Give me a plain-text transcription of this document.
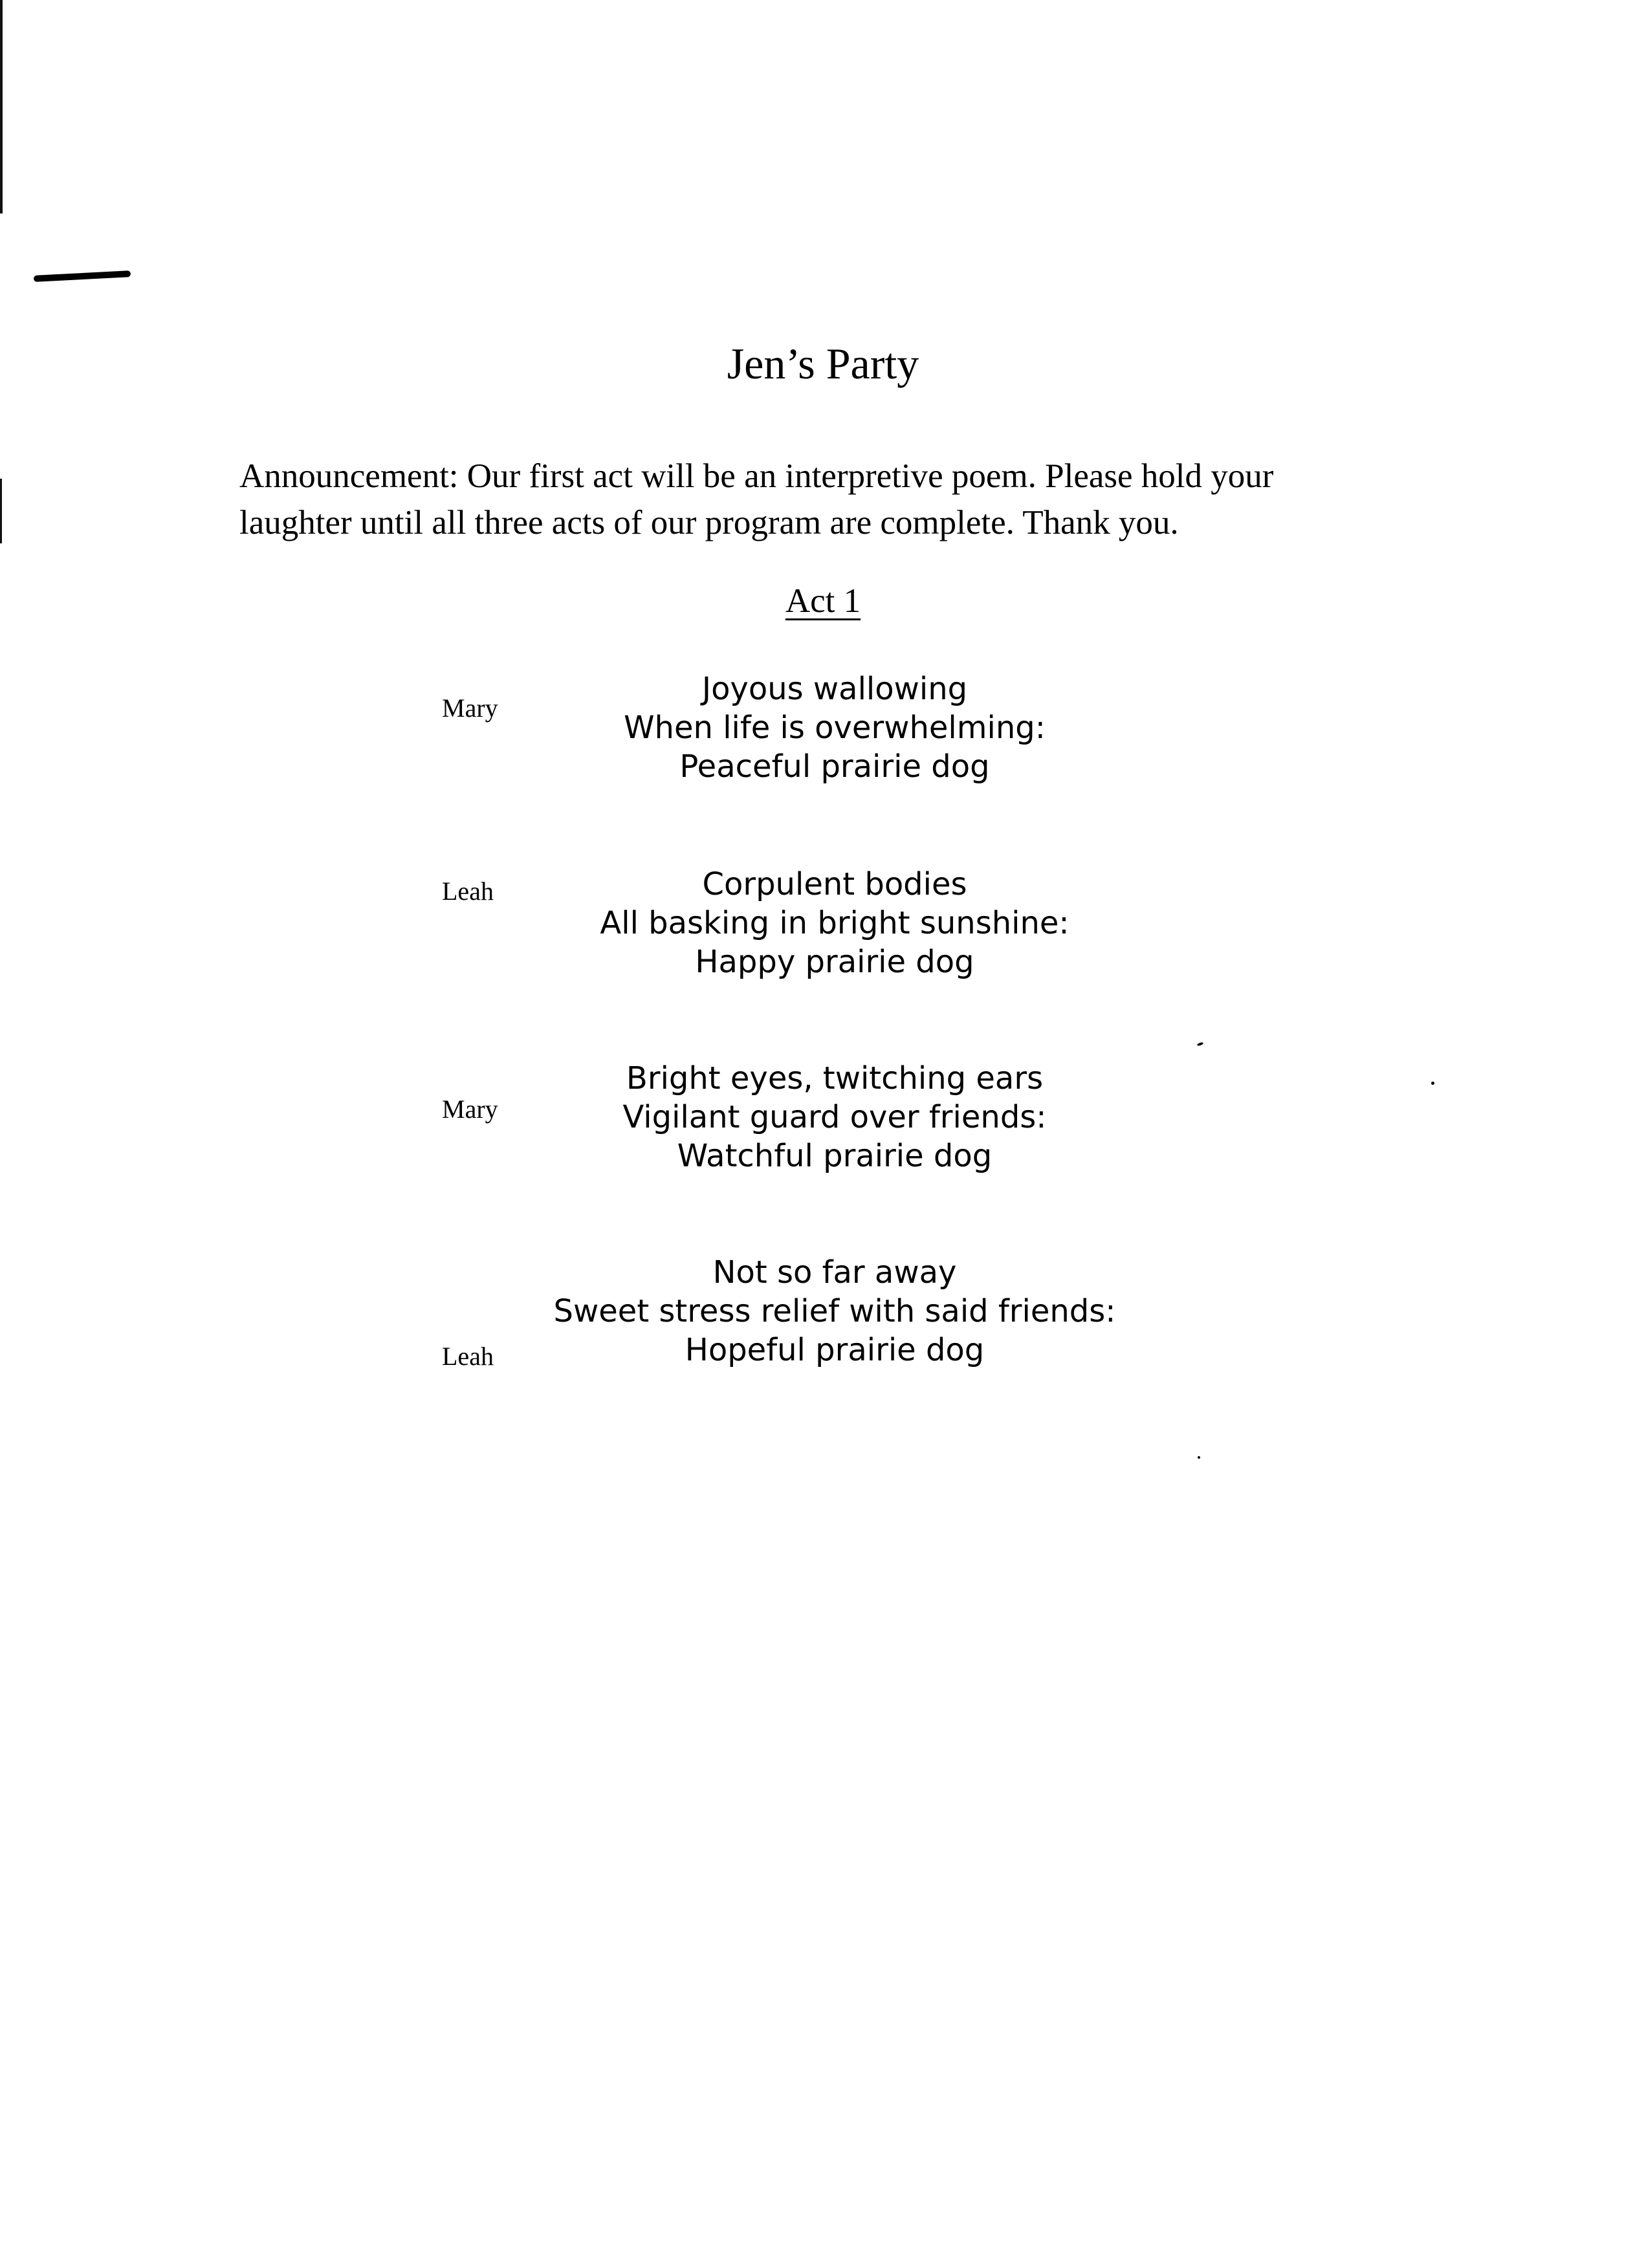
Jen’s Party
Announcement: Our first act will be an interpretive poem. Please hold your
laughter until all three acts of our program are complete. Thank you.
Act 1
Mary
Joyous wallowing
When life is overwhelming:
Peaceful prairie dog
Leah	Corpulent bodies
All basking in bright sunshine:
Happy prairie dog
Mary
Bright eyes, twitching ears
Vigilant guard over friends:
Watchful prairie dog
Leah
Not so far away
Sweet stress relief with said friends:
Hopeful prairie dog
